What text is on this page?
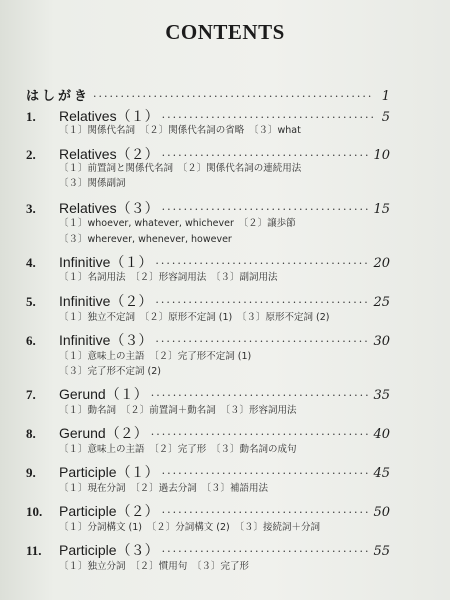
CONTENTS
はしがき ·····	1
1.	Relatives（１） ·····	5
〔１〕関係代名詞　〔２〕関係代名詞の省略　〔３〕what
2.	Relatives（２） ·····	10
〔１〕前置詞と関係代名詞　〔２〕関係代名詞の連続用法
〔３〕関係副詞
3.	Relatives（３） ·····	15
〔１〕whoever, whatever, whichever　〔２〕譲歩節
〔３〕wherever, whenever, however
4.	Infinitive（１） ·····	20
〔１〕名詞用法　〔２〕形容詞用法　〔３〕副詞用法
5.	Infinitive（２） ·····	25
〔１〕独立不定詞　〔２〕原形不定詞 (1)　〔３〕原形不定詞 (2)
6.	Infinitive（３） ·····	30
〔１〕意味上の主語　〔２〕完了形不定詞 (1)
〔３〕完了形不定詞 (2)
7.	Gerund（１） ·····	35
〔１〕動名詞　〔２〕前置詞＋動名詞　〔３〕形容詞用法
8.	Gerund（２） ·····	40
〔１〕意味上の主語　〔２〕完了形　〔３〕動名詞の成句
9.	Participle（１） ·····	45
〔１〕現在分詞　〔２〕過去分詞　〔３〕補語用法
10.	Participle（２） ·····	50
〔１〕分詞構文 (1)　〔２〕分詞構文 (2)　〔３〕接続詞＋分詞
11.	Participle（３） ·····	55
〔１〕独立分詞　〔２〕慣用句　〔３〕完了形
